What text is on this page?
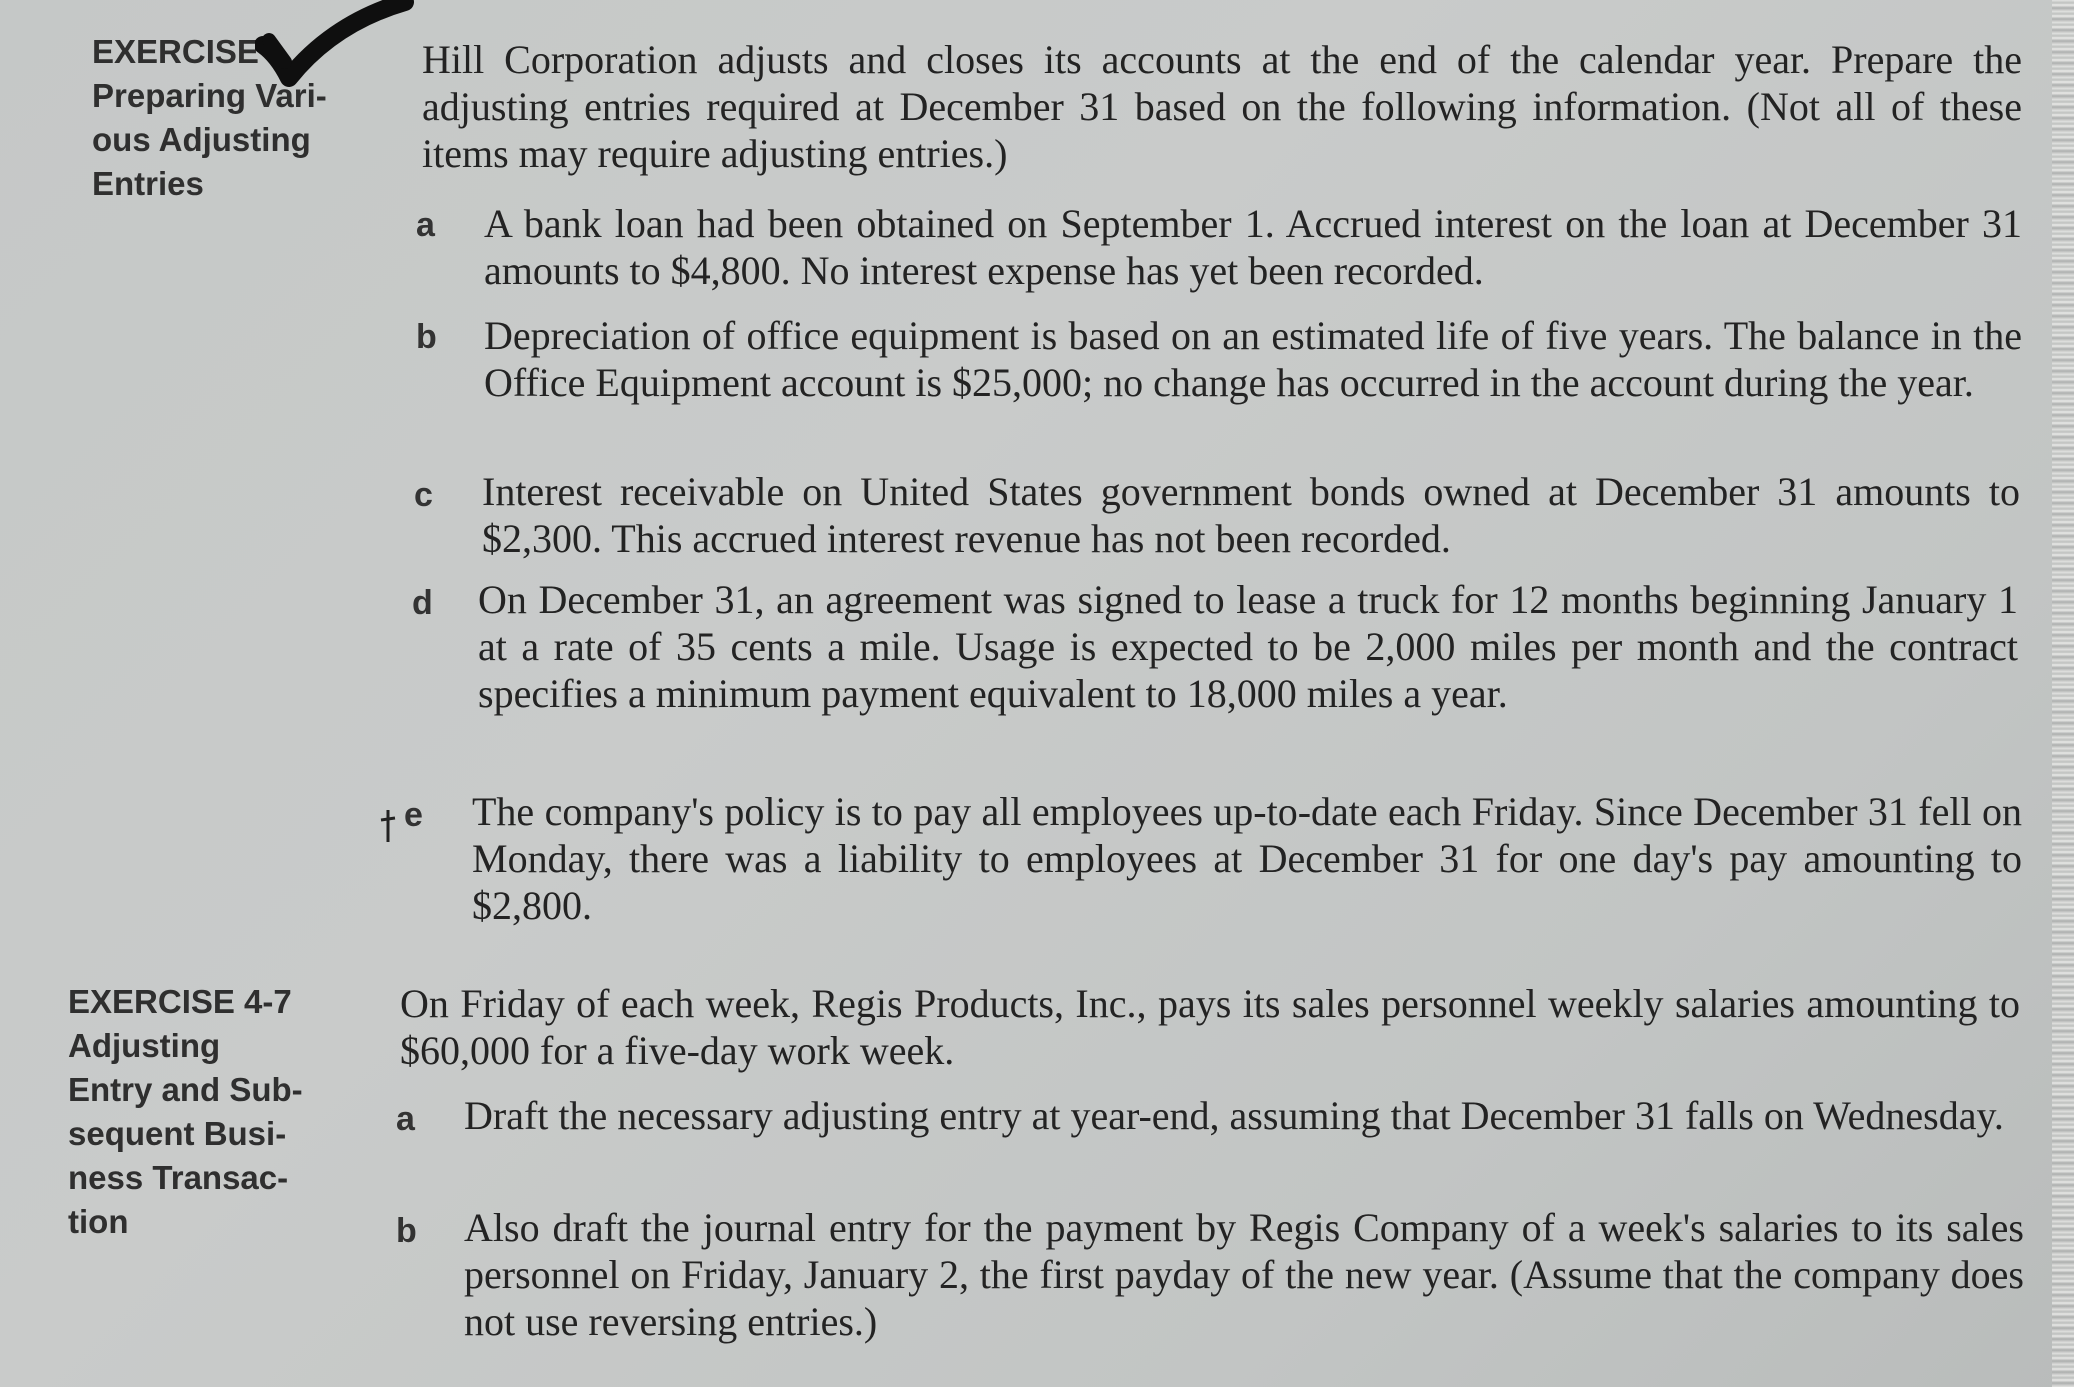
EXERCISE
Preparing Vari-
ous Adjusting
Entries
Hill Corporation adjusts and closes its accounts at the end of the calendar year. Prepare the adjusting entries required at December 31 based on the following information. (Not all of these items may require adjusting entries.)
a A bank loan had been obtained on September 1. Accrued interest on the loan at December 31 amounts to $4,800. No interest expense has yet been recorded.
b Depreciation of office equipment is based on an estimated life of five years. The balance in the Office Equipment account is $25,000; no change has occurred in the account during the year.
c Interest receivable on United States government bonds owned at December 31 amounts to $2,300. This accrued interest revenue has not been recorded.
d On December 31, an agreement was signed to lease a truck for 12 months beginning January 1 at a rate of 35 cents a mile. Usage is expected to be 2,000 miles per month and the contract specifies a minimum payment equivalent to 18,000 miles a year.
e The company's policy is to pay all employees up-to-date each Friday. Since December 31 fell on Monday, there was a liability to employees at December 31 for one day's pay amounting to $2,800.
EXERCISE 4-7
Adjusting
Entry and Sub-
sequent Busi-
ness Transac-
tion
On Friday of each week, Regis Products, Inc., pays its sales personnel weekly salaries amounting to $60,000 for a five-day work week.
a Draft the necessary adjusting entry at year-end, assuming that December 31 falls on Wednesday.
b Also draft the journal entry for the payment by Regis Company of a week's salaries to its sales personnel on Friday, January 2, the first payday of the new year. (Assume that the company does not use reversing entries.)
